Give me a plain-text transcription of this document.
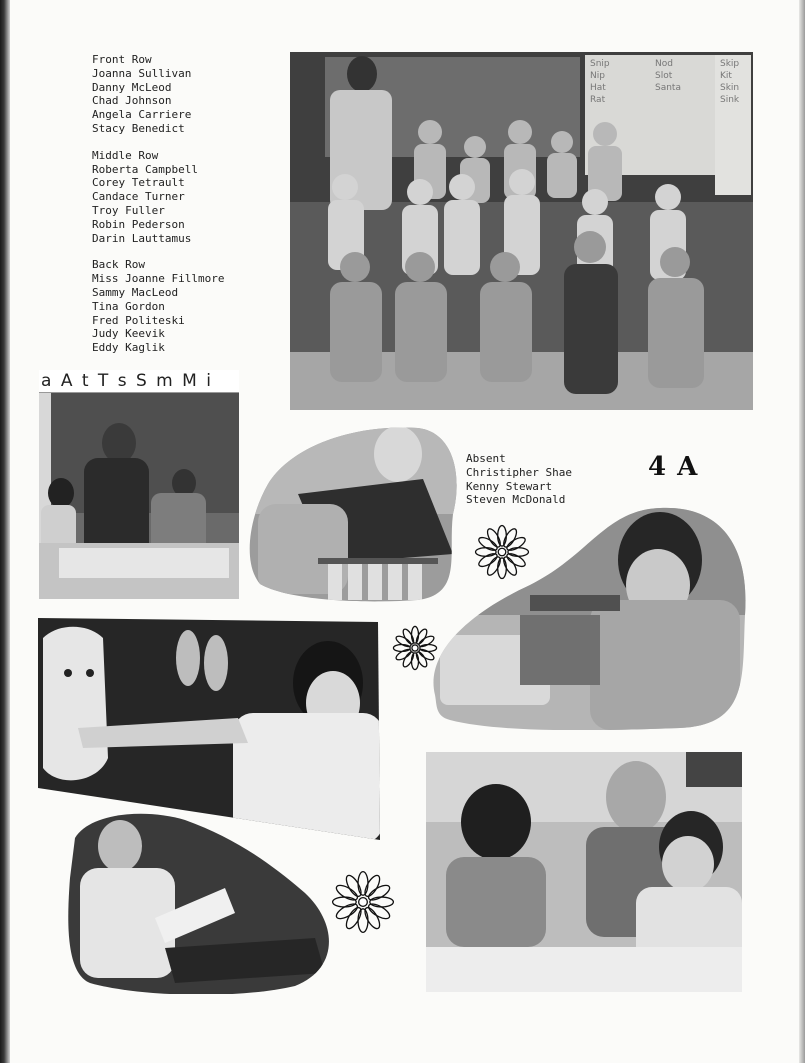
Front Row
Joanna Sullivan
Danny McLeod
Chad Johnson
Angela Carriere
Stacy Benedict
Middle Row
Roberta Campbell
Corey Tetrault
Candace Turner
Troy Fuller
Robin Pederson
Darin Lauttamus
Back Row
Miss Joanne Fillmore
Sammy MacLeod
Tina Gordon
Fred Politeski
Judy Keevik
Eddy Kaglik
Absent
Christipher Shae
Kenny Stewart
Steven McDonald
4 A
Snip
Nip
Hat
Rat
Nod
Slot
Santa
Skip
Kit
Skin
Sink
a A t T s S m M i
